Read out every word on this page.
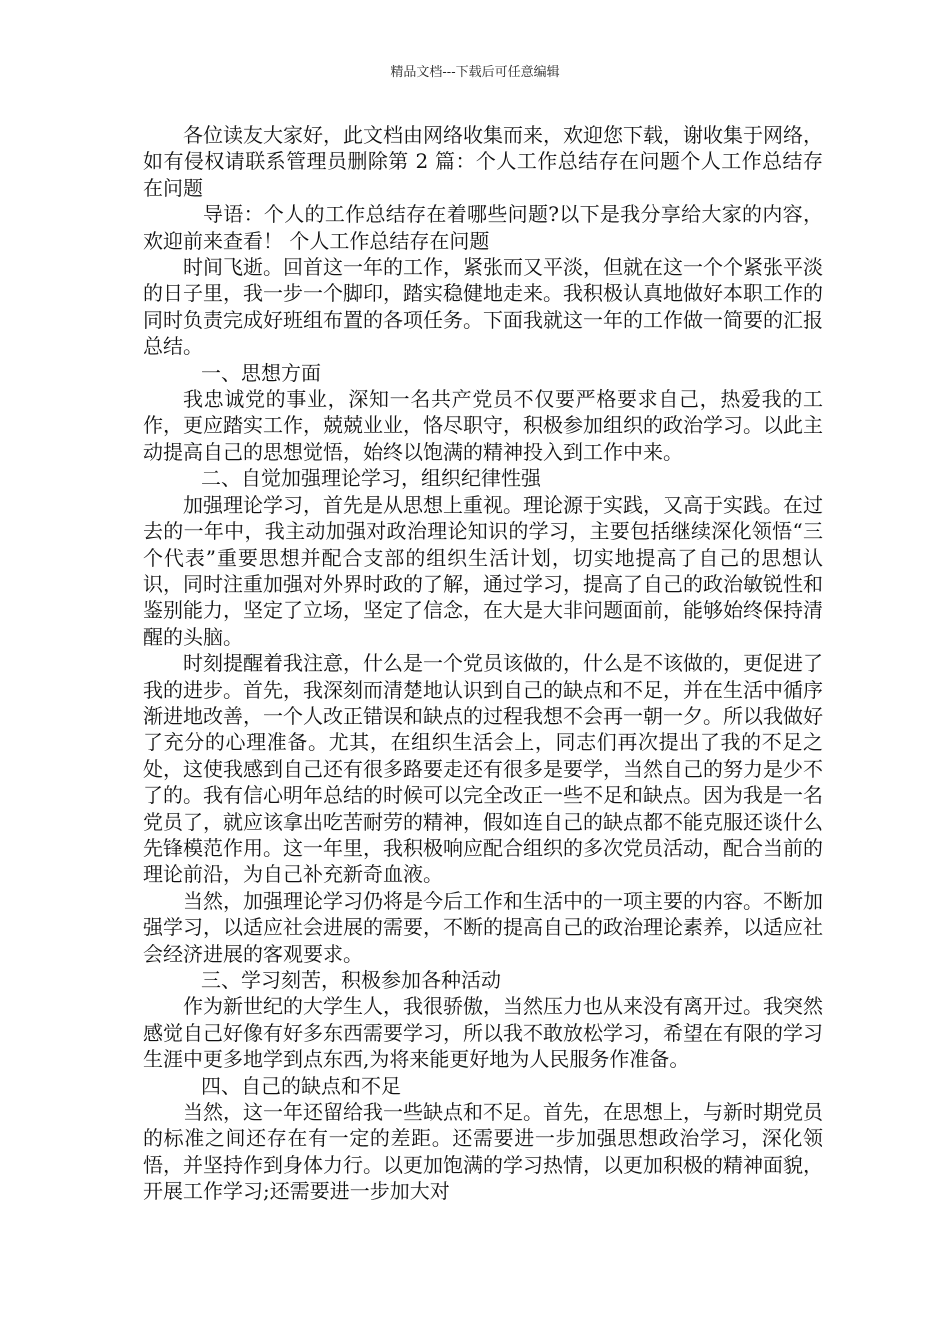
精品文档---下载后可任意编辑

各位读友大家好，此文档由网络收集而来，欢迎您下载，谢收集于网络，如有侵权请联系管理员删除第 2 篇：个人工作总结存在问题个人工作总结存在问题

导语：个人的工作总结存在着哪些问题?以下是我分享给大家的内容，欢迎前来查看！ 个人工作总结存在问题

时间飞逝。回首这一年的工作，紧张而又平淡，但就在这一个个紧张平淡的日子里，我一步一个脚印，踏实稳健地走来。我积极认真地做好本职工作的同时负责完成好班组布置的各项任务。下面我就这一年的工作做一简要的汇报总结。

一、思想方面

我忠诚党的事业，深知一名共产党员不仅要严格要求自己，热爱我的工作，更应踏实工作，兢兢业业，恪尽职守，积极参加组织的政治学习。以此主动提高自己的思想觉悟，始终以饱满的精神投入到工作中来。

二、自觉加强理论学习，组织纪律性强

加强理论学习，首先是从思想上重视。理论源于实践，又高于实践。在过去的一年中，我主动加强对政治理论知识的学习，主要包括继续深化领悟“三个代表”重要思想并配合支部的组织生活计划，切实地提高了自己的思想认识，同时注重加强对外界时政的了解，通过学习，提高了自己的政治敏锐性和鉴别能力，坚定了立场，坚定了信念，在大是大非问题面前，能够始终保持清醒的头脑。

时刻提醒着我注意，什么是一个党员该做的，什么是不该做的，更促进了我的进步。首先，我深刻而清楚地认识到自己的缺点和不足，并在生活中循序渐进地改善，一个人改正错误和缺点的过程我想不会再一朝一夕。所以我做好了充分的心理准备。尤其，在组织生活会上，同志们再次提出了我的不足之处，这使我感到自己还有很多路要走还有很多是要学，当然自己的努力是少不了的。我有信心明年总结的时候可以完全改正一些不足和缺点。因为我是一名党员了，就应该拿出吃苦耐劳的精神，假如连自己的缺点都不能克服还谈什么先锋模范作用。这一年里，我积极响应配合组织的多次党员活动，配合当前的理论前沿，为自己补充新奇血液。

当然，加强理论学习仍将是今后工作和生活中的一项主要的内容。不断加强学习，以适应社会进展的需要，不断的提高自己的政治理论素养，以适应社会经济进展的客观要求。

三、学习刻苦，积极参加各种活动

作为新世纪的大学生人，我很骄傲，当然压力也从来没有离开过。我突然感觉自己好像有好多东西需要学习，所以我不敢放松学习，希望在有限的学习生涯中更多地学到点东西,为将来能更好地为人民服务作准备。

四、自己的缺点和不足

当然，这一年还留给我一些缺点和不足。首先，在思想上，与新时期党员的标准之间还存在有一定的差距。还需要进一步加强思想政治学习，深化领悟，并坚持作到身体力行。以更加饱满的学习热情，以更加积极的精神面貌，开展工作学习;还需要进一步加大对
